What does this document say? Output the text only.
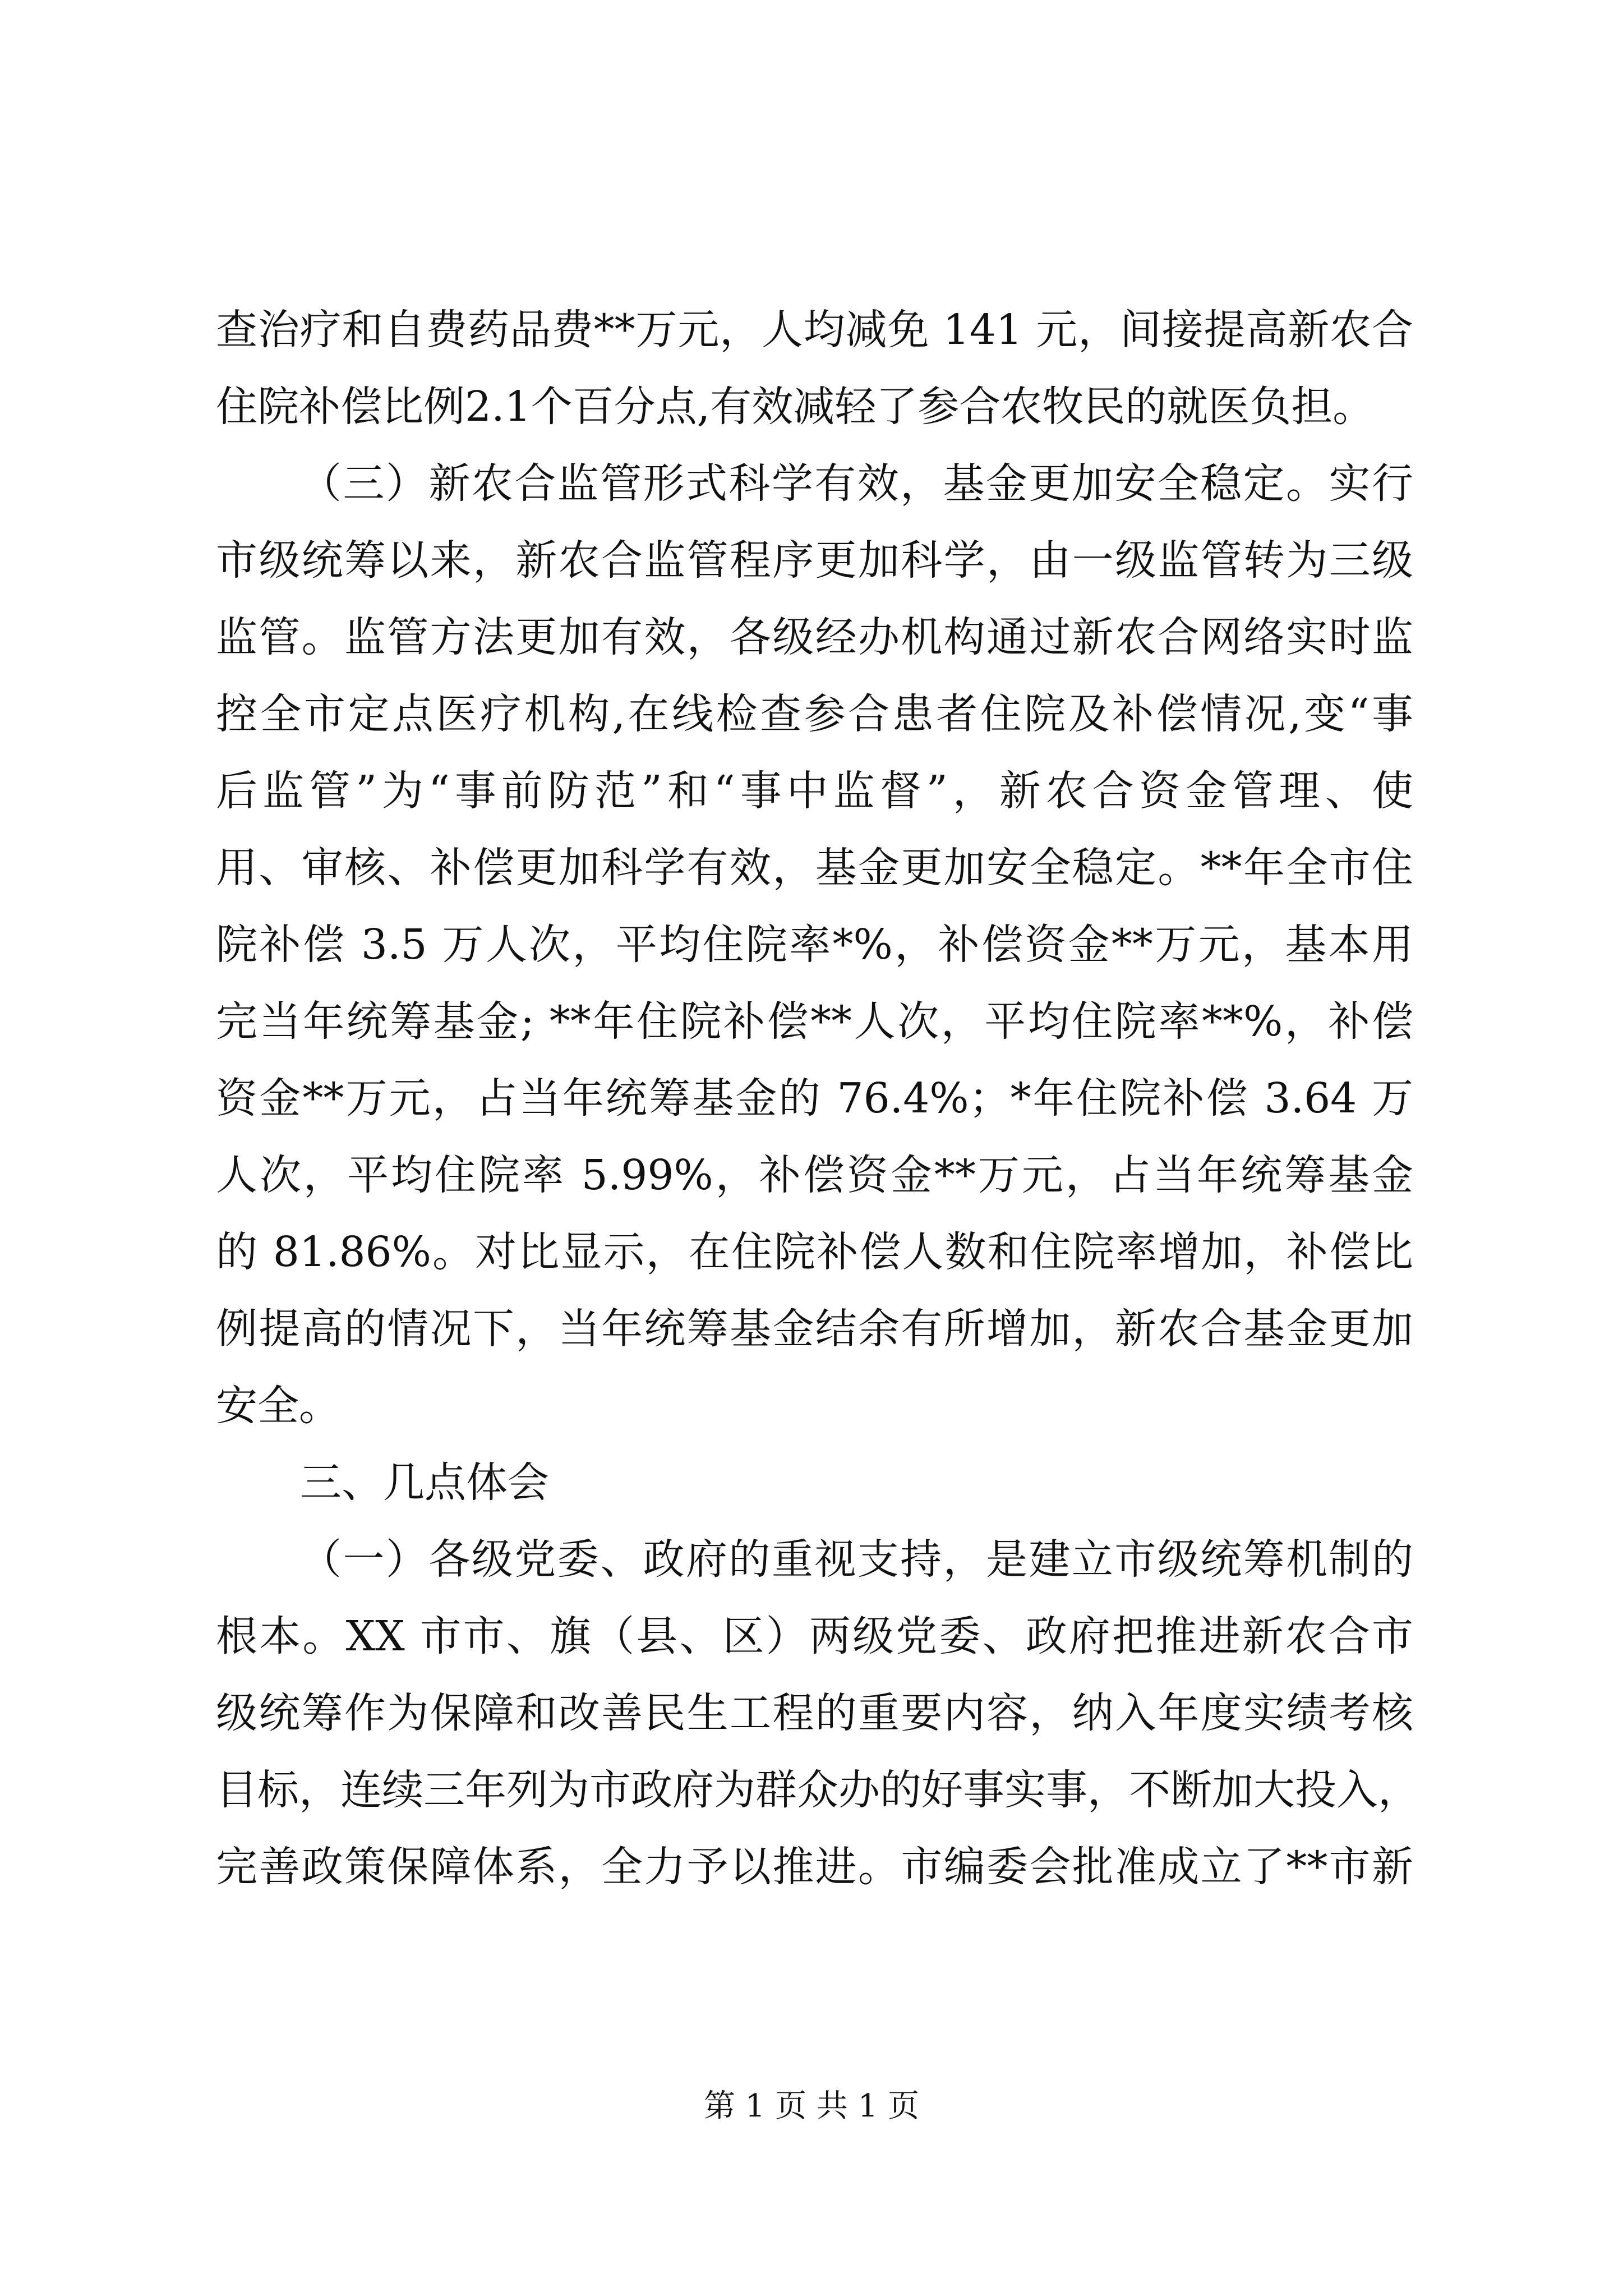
查治疗和自费药品费**万元，人均减免 141 元，间接提高新农合
住院补偿比例2.1个百分点,有效减轻了参合农牧民的就医负担。
（三）新农合监管形式科学有效，基金更加安全稳定。实行
市级统筹以来，新农合监管程序更加科学，由一级监管转为三级
监管。监管方法更加有效，各级经办机构通过新农合网络实时监
控全市定点医疗机构,在线检查参合患者住院及补偿情况,变“事
后监管”为“事前防范”和“事中监督”，新农合资金管理、使
用、审核、补偿更加科学有效，基金更加安全稳定。**年全市住
院补偿 3.5 万人次，平均住院率*%，补偿资金**万元，基本用
完当年统筹基金; **年住院补偿**人次，平均住院率**%，补偿
资金**万元，占当年统筹基金的 76.4%；*年住院补偿 3.64 万
人次，平均住院率 5.99%，补偿资金**万元，占当年统筹基金
的 81.86%。对比显示，在住院补偿人数和住院率增加，补偿比
例提高的情况下，当年统筹基金结余有所增加，新农合基金更加
安全。
三、几点体会
（一）各级党委、政府的重视支持，是建立市级统筹机制的
根本。XX 市市、旗（县、区）两级党委、政府把推进新农合市
级统筹作为保障和改善民生工程的重要内容，纳入年度实绩考核
目标，连续三年列为市政府为群众办的好事实事，不断加大投入，
完善政策保障体系，全力予以推进。市编委会批准成立了**市新
第 1 页 共 1 页
